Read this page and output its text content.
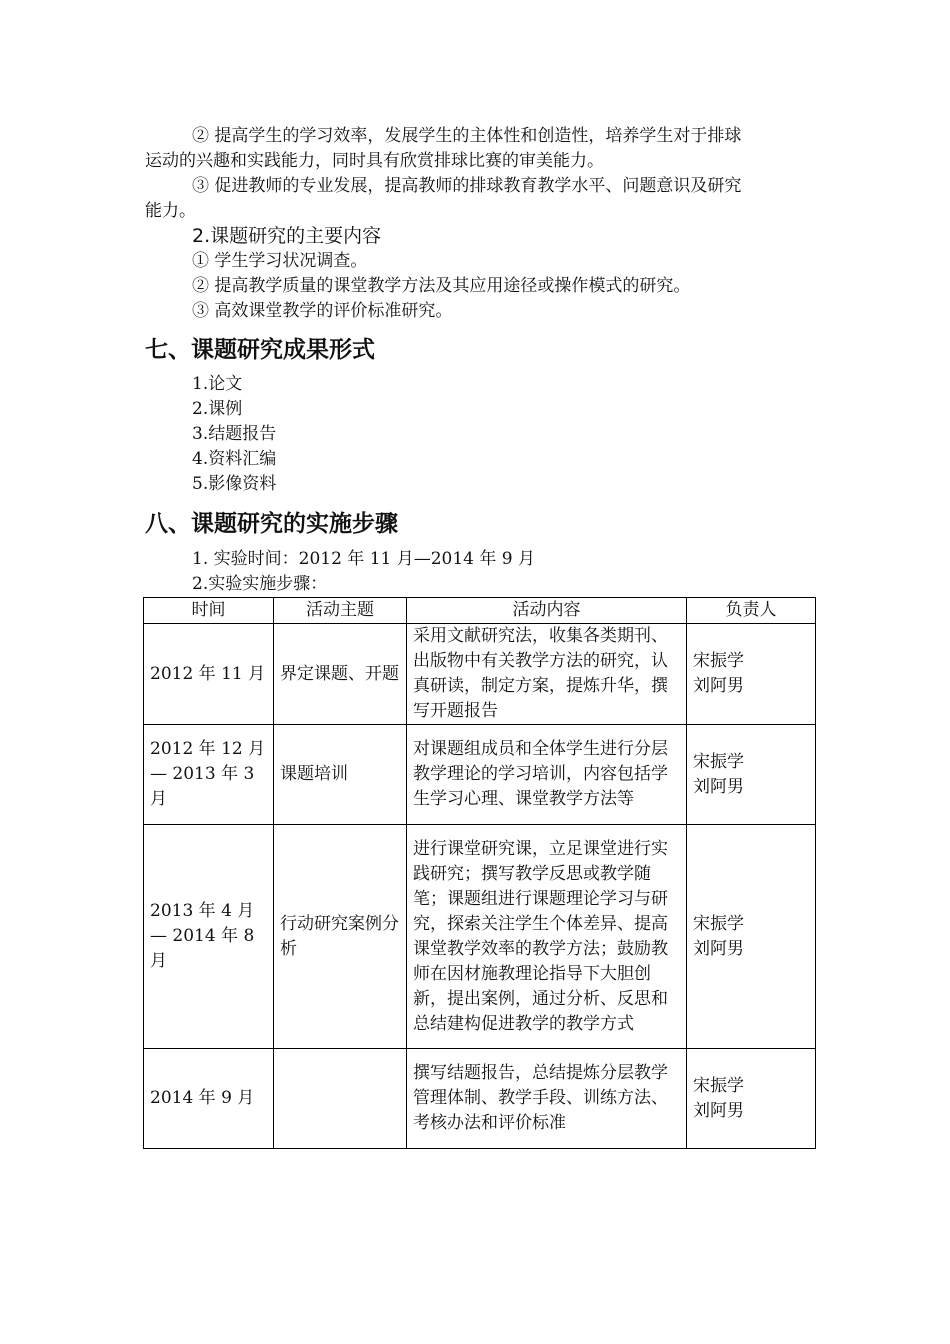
② 提高学生的学习效率，发展学生的主体性和创造性，培养学生对于排球
运动的兴趣和实践能力，同时具有欣赏排球比赛的审美能力。
③ 促进教师的专业发展，提高教师的排球教育教学水平、问题意识及研究
能力。
2.课题研究的主要内容
① 学生学习状况调查。
② 提高教学质量的课堂教学方法及其应用途径或操作模式的研究。
③ 高效课堂教学的评价标准研究。
七、课题研究成果形式
1.论文
2.课例
3.结题报告
4.资料汇编
5.影像资料
八、课题研究的实施步骤
1. 实验时间：2012 年 11 月—2014 年 9 月
2.实验实施步骤：
时间	活动主题	活动内容	负责人
2012 年 11 月	界定课题、开题	采用文献研究法，收集各类期刊、出版物中有关教学方法的研究，认真研读，制定方案，提炼升华，撰写开题报告	宋振学
刘阿男

2012 年 12 月 — 2013 年 3 月	课题培训	对课题组成员和全体学生进行分层教学理论的学习培训，内容包括学生学习心理、课堂教学方法等	宋振学
刘阿男

2013 年 4 月 — 2014 年 8 月	行动研究案例分析	进行课堂研究课，立足课堂进行实践研究；撰写教学反思或教学随笔；课题组进行课题理论学习与研究，探索关注学生个体差异、提高课堂教学效率的教学方法；鼓励教师在因材施教理论指导下大胆创新，提出案例，通过分析、反思和总结建构促进教学的教学方式	宋振学
刘阿男

2014 年 9 月		撰写结题报告，总结提炼分层教学管理体制、教学手段、训练方法、考核办法和评价标准	宋振学
刘阿男
